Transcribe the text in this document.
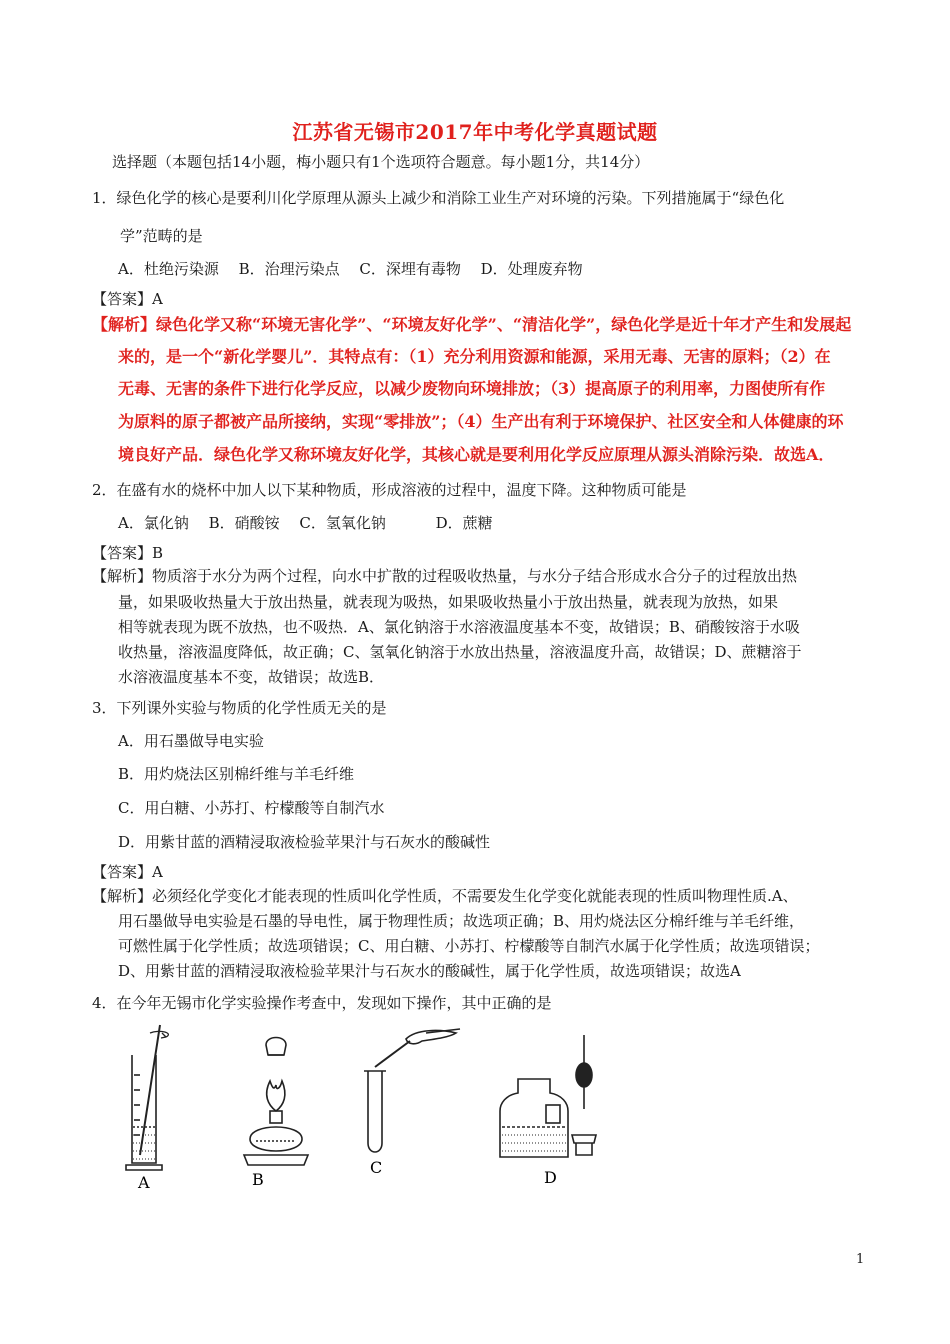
江苏省无锡市2017年中考化学真题试题
选择题（本题包括14小题，梅小题只有1个选项符合题意。每小题1分，共14分）
1．绿色化学的核心是要利川化学原理从源头上减少和消除工业生产对环境的污染。下列措施属于“绿色化
学”范畴的是
A．杜绝污染源　 B．治理污染点　 C．深埋有毒物　 D．处理废弃物
【答案】A
【解析】绿色化学又称“环境无害化学”、“环境友好化学”、“清洁化学”，绿色化学是近十年才产生和发展起
来的，是一个“新化学婴儿”．其特点有：（1）充分利用资源和能源，采用无毒、无害的原料；（2）在
无毒、无害的条件下进行化学反应，以减少废物向环境排放；（3）提高原子的利用率，力图使所有作
为原料的原子都被产品所接纳，实现“零排放”；（4）生产出有利于环境保护、社区安全和人体健康的环
境良好产品．绿色化学又称环境友好化学，其核心就是要利用化学反应原理从源头消除污染．故选A．
2．在盛有水的烧杯中加人以下某种物质，形成溶液的过程中，温度下降。这种物质可能是
A．氯化钠　 B．硝酸铵　 C．氢氧化钠　　　 D．蔗糖
【答案】B
【解析】物质溶于水分为两个过程，向水中扩散的过程吸收热量，与水分子结合形成水合分子的过程放出热
量，如果吸收热量大于放出热量，就表现为吸热，如果吸收热量小于放出热量，就表现为放热，如果
相等就表现为既不放热，也不吸热．A、氯化钠溶于水溶液温度基本不变，故错误；B、硝酸铵溶于水吸
收热量，溶液温度降低，故正确；C、氢氧化钠溶于水放出热量，溶液温度升高，故错误；D、蔗糖溶于
水溶液温度基本不变，故错误；故选B．
3．下列课外实验与物质的化学性质无关的是
A．用石墨做导电实验
B．用灼烧法区别棉纤维与羊毛纤维
C．用白糖、小苏打、柠檬酸等自制汽水
D．用紫甘蓝的酒精浸取液检验苹果汁与石灰水的酸碱性
【答案】A
【解析】必须经化学变化才能表现的性质叫化学性质，不需要发生化学变化就能表现的性质叫物理性质.A、
用石墨做导电实验是石墨的导电性，属于物理性质；故选项正确；B、用灼烧法区分棉纤维与羊毛纤维，
可燃性属于化学性质；故选项错误；C、用白糖、小苏打、柠檬酸等自制汽水属于化学性质；故选项错误；
D、用紫甘蓝的酒精浸取液检验苹果汁与石灰水的酸碱性，属于化学性质，故选项错误；故选A
4．在今年无锡市化学实验操作考查中，发现如下操作，其中正确的是
A	B
C
D
1
